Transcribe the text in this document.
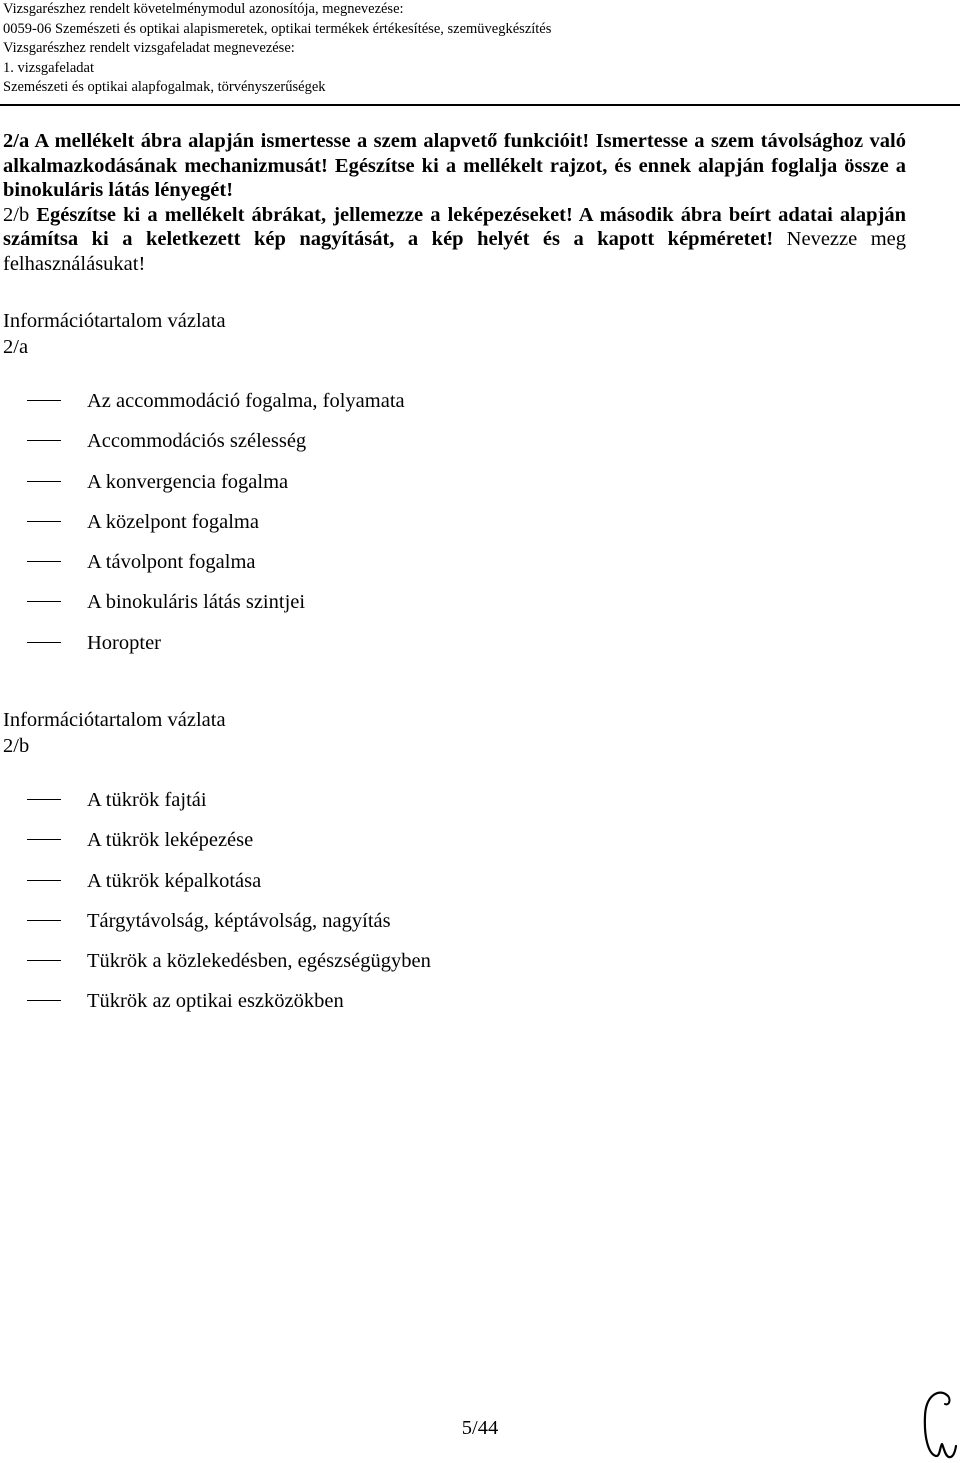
Vizsgarészhez rendelt követelménymodul azonosítója, megnevezése:
0059-06 Szemészeti és optikai alapismeretek, optikai termékek értékesítése, szemüvegkészítés
Vizsgarészhez rendelt vizsgafeladat megnevezése:
1. vizsgafeladat
Szemészeti és optikai alapfogalmak, törvényszerűségek
2/a A mellékelt ábra alapján ismertesse a szem alapvető funkcióit! Ismertesse a szem távolsághoz való alkalmazkodásának mechanizmusát! Egészítse ki a mellékelt rajzot, és ennek alapján foglalja össze a binokuláris látás lényegét!
2/b Egészítse ki a mellékelt ábrákat, jellemezze a leképezéseket! A második ábra beírt adatai alapján számítsa ki a keletkezett kép nagyítását, a kép helyét és a kapott képméretet! Nevezze meg felhasználásukat!
Információtartalom vázlata
2/a
Az accommodáció fogalma, folyamata
Accommodációs szélesség
A konvergencia fogalma
A közelpont fogalma
A távolpont fogalma
A binokuláris látás szintjei
Horopter
Információtartalom vázlata
2/b
A tükrök fajtái
A tükrök leképezése
A tükrök képalkotása
Tárgytávolság, képtávolság, nagyítás
Tükrök a közlekedésben, egészségügyben
Tükrök az optikai eszközökben
5/44
